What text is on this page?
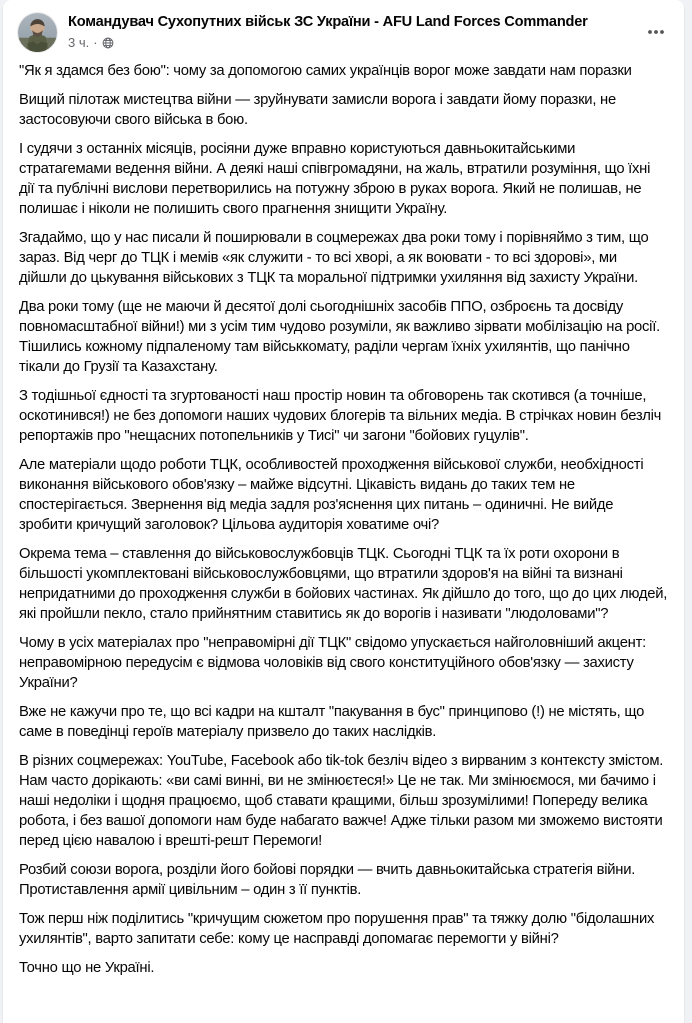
Командувач Сухопутних військ ЗС України - AFU Land Forces Commander
3 ч. ·
"Як я здамся без бою": чому за допомогою самих українців ворог може завдати нам поразки
Вищий пілотаж мистецтва війни — зруйнувати замисли ворога і завдати йому поразки, не застосовуючи свого війська в бою.
І судячи з останніх місяців, росіяни дуже вправно користуються давньокитайськими стратагемами ведення війни. А деякі наші співгромадяни, на жаль, втратили розуміння, що їхні дії та публічні вислови перетворились на потужну зброю в руках ворога. Який не полишав, не полишає і ніколи не полишить свого прагнення знищити Україну.
Згадаймо, що у нас писали й поширювали в соцмережах два роки тому і порівняймо з тим, що зараз. Від черг до ТЦК і мемів «як служити - то всі хворі, а як воювати - то всі здорові», ми дійшли до цькування військових з ТЦК та моральної підтримки ухиляння від захисту України.
Два роки тому (ще не маючи й десятої долі сьогоднішніх засобів ППО, озброєнь та досвіду повномасштабної війни!) ми з усім тим чудово розуміли, як важливо зірвати мобілізацію на росії. Тішились кожному підпаленому там військкомату, раділи чергам їхніх ухилянтів, що панічно тікали до Грузії та Казахстану.
З тодішньої єдності та згуртованості наш простір новин та обговорень так скотився (а точніше, оскотинився!) не без допомоги наших чудових блогерів та вільних медіа. В стрічках новин безліч репортажів про "нещасних потопельників у Тисі" чи загони "бойових гуцулів".
Але матеріали щодо роботи ТЦК, особливостей проходження військової служби, необхідності виконання військового обов'язку – майже відсутні. Цікавість видань до таких тем не спостерігається. Звернення від медіа задля роз'яснення цих питань – одиничні. Не вийде зробити кричущий заголовок? Цільова аудиторія ховатиме очі?
Окрема тема – ставлення до військовослужбовців ТЦК. Сьогодні ТЦК та їх роти охорони в більшості укомплектовані військовослужбовцями, що втратили здоров'я на війні та визнані непридатними до проходження служби в бойових частинах. Як дійшло до того, що до цих людей, які пройшли пекло, стало прийнятним ставитись як до ворогів і називати "людоловами"?
Чому в усіх матеріалах про "неправомірні дії ТЦК" свідомо упускається найголовніший акцент: неправомірною передусім є відмова чоловіків від свого конституційного обов'язку — захисту України?
Вже не кажучи про те, що всі кадри на кшталт "пакування в бус" принципово (!) не містять, що саме в поведінці героїв матеріалу призвело до таких наслідків.
В різних соцмережах: YouTube, Facebook або tik-tok безліч відео з вирваним з контексту змістом. Нам часто дорікають: «ви самі винні, ви не змінюєтеся!» Це не так. Ми змінюємося, ми бачимо і наші недоліки і щодня працюємо, щоб ставати кращими, більш зрозумілими! Попереду велика робота, і без вашої допомоги нам буде набагато важче! Адже тільки разом ми зможемо вистояти перед цією навалою і врешті-решт Перемоги!
Розбий союзи ворога, розділи його бойові порядки — вчить давньокитайська стратегія війни. Протиставлення армії цивільним – один з її пунктів.
Тож перш ніж поділитись "кричущим сюжетом про порушення прав" та тяжку долю "бідолашних ухилянтів", варто запитати себе: кому це насправді допомагає перемогти у війні?
Точно що не Україні.
